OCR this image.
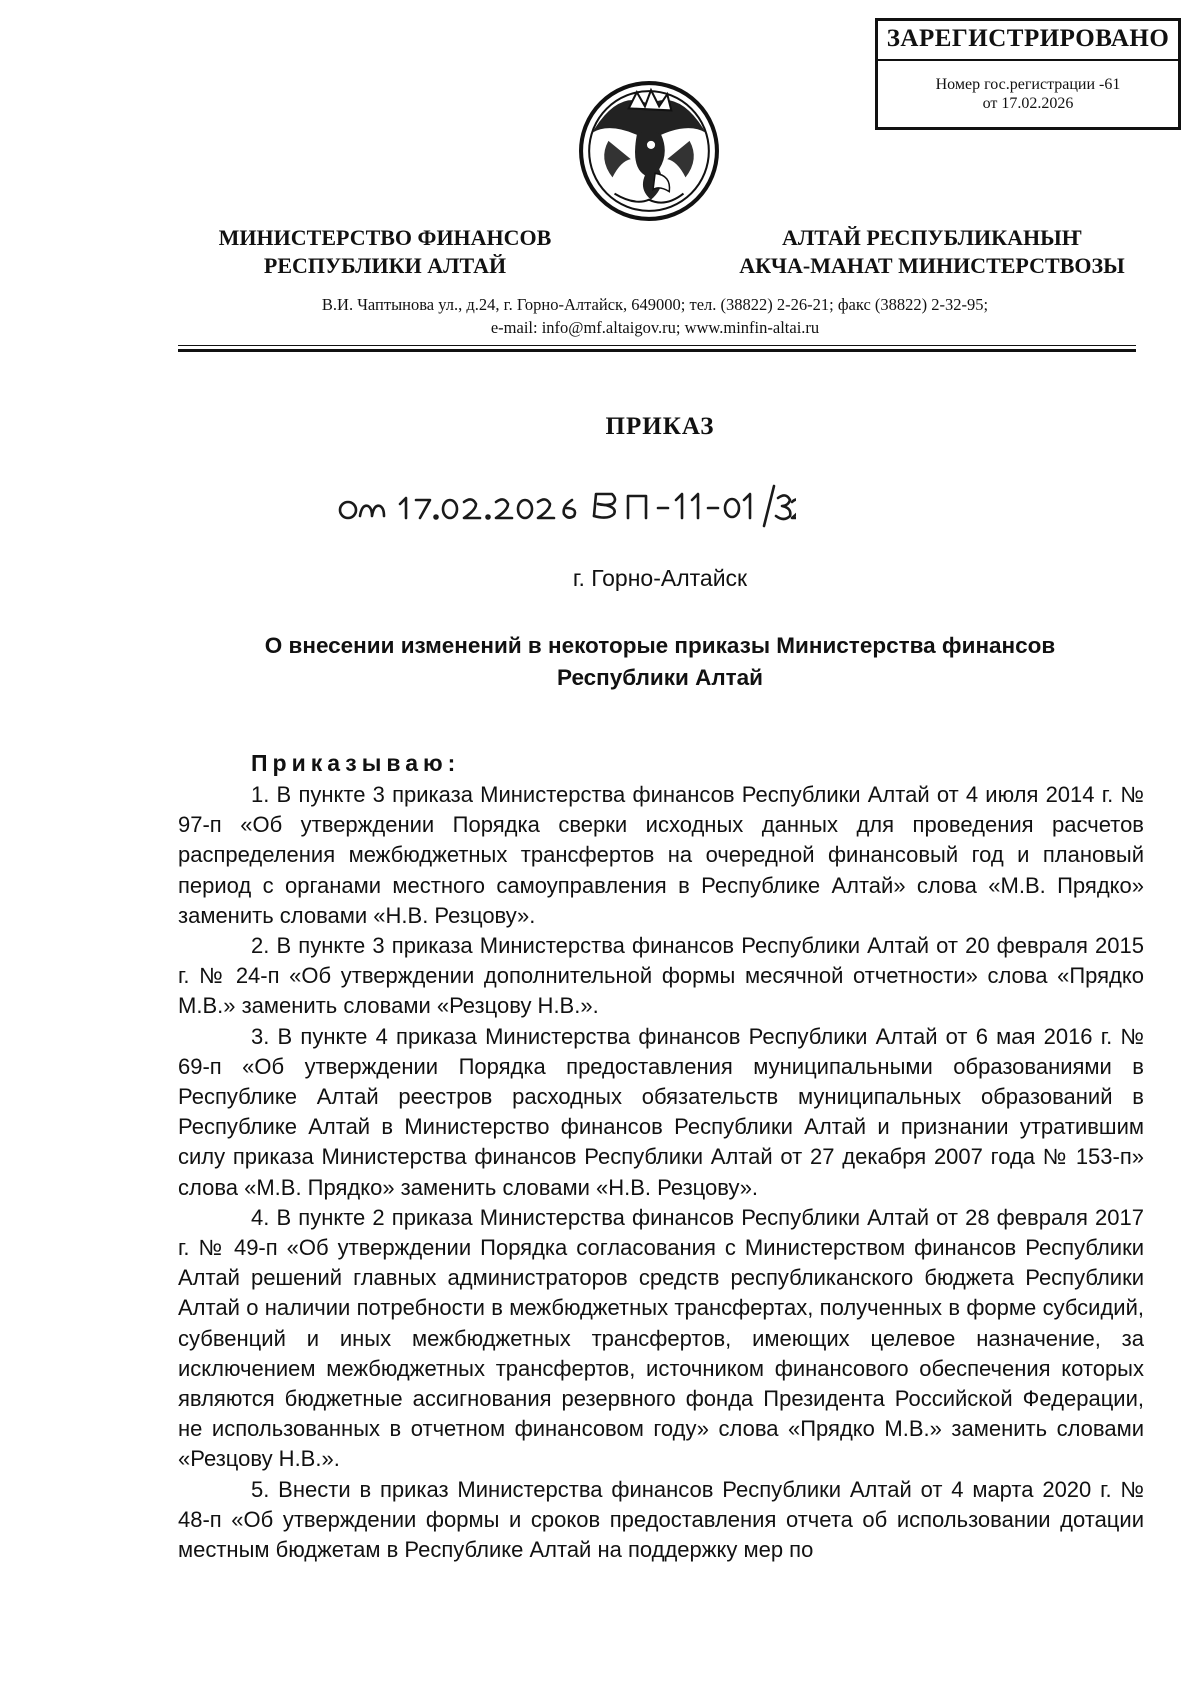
ЗАРЕГИСТРИРОВАНО
Номер гос.регистрации -61
от 17.02.2026
МИНИСТЕРСТВО ФИНАНСОВ
РЕСПУБЛИКИ АЛТАЙ
АЛТАЙ РЕСПУБЛИКАНЫҤ
АКЧА-МАНАТ МИНИСТЕРСТВОЗЫ
В.И. Чаптынова ул., д.24, г. Горно-Алтайск, 649000; тел. (38822) 2-26-21; факс (38822) 2-32-95;
e-mail: info@mf.altaigov.ru; www.minfin-altai.ru
ПРИКАЗ
г. Горно-Алтайск
О внесении изменений в некоторые приказы Министерства финансов
Республики Алтай
Приказываю:

1. В пункте 3 приказа Министерства финансов Республики Алтай от 4 июля 2014 г. № 97-п «Об утверждении Порядка сверки исходных данных для проведения расчетов распределения межбюджетных трансфертов на очередной финансовый год и плановый период с органами местного самоуправления в Республике Алтай» слова «М.В. Прядко» заменить словами «Н.В. Резцову».

2. В пункте 3 приказа Министерства финансов Республики Алтай от 20 февраля 2015 г. № 24-п «Об утверждении дополнительной формы месячной отчетности» слова «Прядко М.В.» заменить словами «Резцову Н.В.».

3. В пункте 4 приказа Министерства финансов Республики Алтай от 6 мая 2016 г. № 69-п «Об утверждении Порядка предоставления муниципальными образованиями в Республике Алтай реестров расходных обязательств муниципальных образований в Республике Алтай в Министерство финансов Республики Алтай и признании утратившим силу приказа Министерства финансов Республики Алтай от 27 декабря 2007 года № 153-п» слова «М.В. Прядко» заменить словами «Н.В. Резцову».

4. В пункте 2 приказа Министерства финансов Республики Алтай от 28 февраля 2017 г. № 49-п «Об утверждении Порядка согласования с Министерством финансов Республики Алтай решений главных администраторов средств республиканского бюджета Республики Алтай о наличии потребности в межбюджетных трансфертах, полученных в форме субсидий, субвенций и иных межбюджетных трансфертов, имеющих целевое назначение, за исключением межбюджетных трансфертов, источником финансового обеспечения которых являются бюджетные ассигнования резервного фонда Президента Российской Федерации, не использованных в отчетном финансовом году» слова «Прядко М.В.» заменить словами «Резцову Н.В.».

5. Внести в приказ Министерства финансов Республики Алтай от 4 марта 2020 г. № 48-п «Об утверждении формы и сроков предоставления отчета об использовании дотации местным бюджетам в Республике Алтай на поддержку мер по
